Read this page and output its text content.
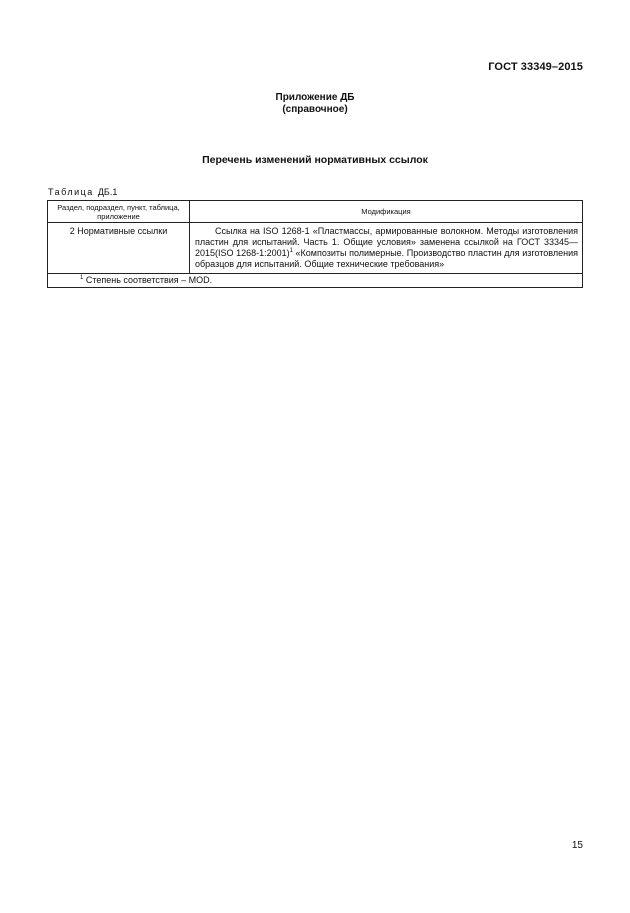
ГОСТ 33349–2015
Приложение ДБ
(справочное)
Перечень изменений нормативных ссылок
Таблица ДБ.1
Раздел, подраздел, пункт, таблица, приложение	Модификация
2 Нормативные ссылки	Ссылка на ISO 1268-1 «Пластмассы, армированные волокном. Методы изготовления пластин для испытаний. Часть 1. Общие условия» заменена ссылкой на ГОСТ 33345—2015(ISO 1268-1:2001)$^1$ «Композиты полимерные. Производство пластин для изготовления образцов для испытаний. Общие технические требования»
$^1$ Степень соответствия – MOD.	
15
